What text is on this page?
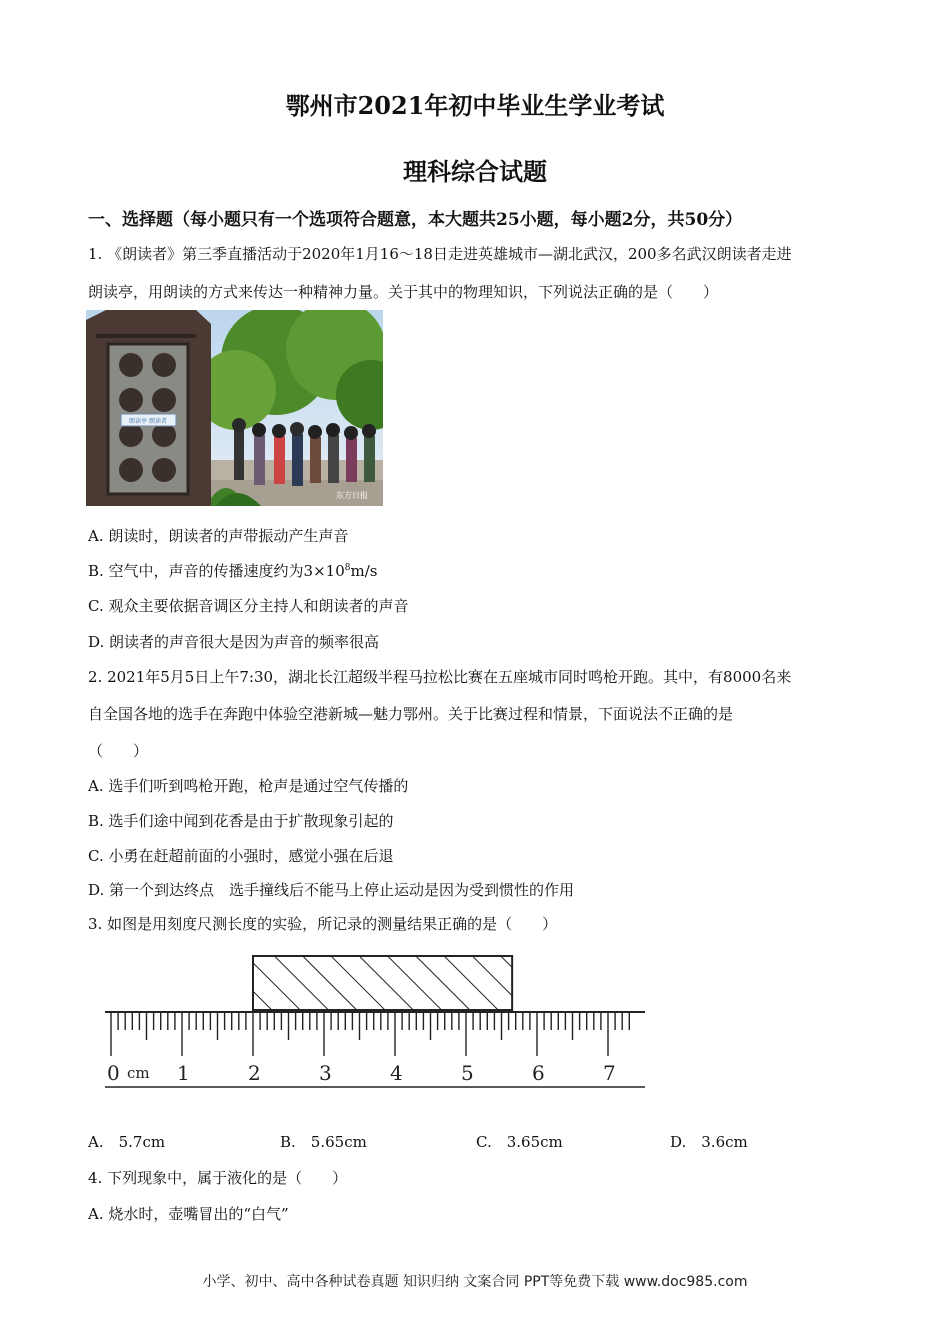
鄂州市2021年初中毕业生学业考试
理科综合试题
一、选择题（每小题只有一个选项符合题意，本大题共25小题，每小题2分，共50分）
1. 《朗读者》第三季直播活动于2020年1月16～18日走进英雄城市—湖北武汉，200多名武汉朗读者走进
朗读亭，用朗读的方式来传达一种精神力量。关于其中的物理知识，下列说法正确的是（　　）
朗读亭 朗读者
东方日报
A. 朗读时，朗读者的声带振动产生声音
B. 空气中，声音的传播速度约为$3\times 10^8m/s$
C. 观众主要依据音调区分主持人和朗读者的声音
D. 朗读者的声音很大是因为声音的频率很高
2. 2021年5月5日上午7:30，湖北长江超级半程马拉松比赛在五座城市同时鸣枪开跑。其中，有8000名来
自全国各地的选手在奔跑中体验空港新城—魅力鄂州。关于比赛过程和情景，下面说法不正确的是
（　　）
A. 选手们听到鸣枪开跑，枪声是通过空气传播的
B. 选手们途中闻到花香是由于扩散现象引起的
C. 小勇在赶超前面的小强时，感觉小强在后退
D. 第一个到达终点　选手撞线后不能马上停止运动是因为受到惯性的作用
3. 如图是用刻度尺测长度的实验，所记录的测量结果正确的是（　　）
0	1	2	3	4	5	6	7
cm
A.　5.7cm	B.　5.65cm	C.　3.65cm	D.　3.6cm
4. 下列现象中，属于液化的是（　　）
A. 烧水时，壶嘴冒出的“白气”
小学、初中、高中各种试卷真题 知识归纳 文案合同 PPT等免费下载 www.doc985.com
